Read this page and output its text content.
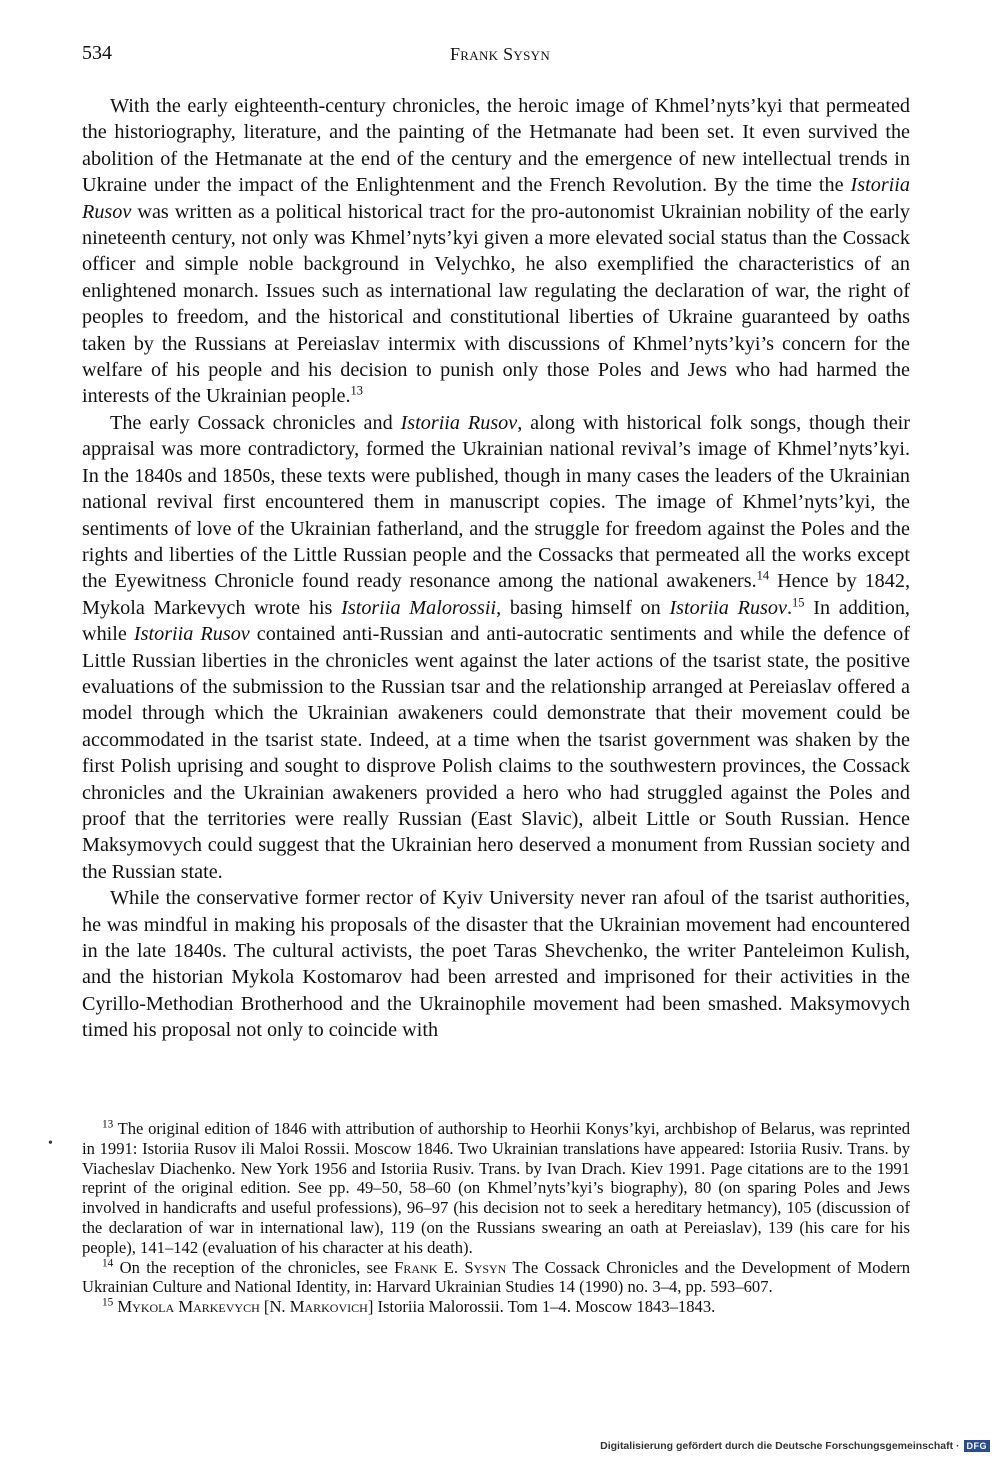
534	Frank Sysyn

With the early eighteenth-century chronicles, the heroic image of Khmel’nyts’kyi that permeated the historiography, literature, and the painting of the Hetmanate had been set. It even survived the abolition of the Hetmanate at the end of the century and the emergence of new intellectual trends in Ukraine under the impact of the Enlightenment and the French Revolution. By the time the Istoriia Rusov was written as a political historical tract for the pro-autonomist Ukrainian nobility of the early nineteenth century, not only was Khmel’nyts’kyi given a more elevated social status than the Cossack officer and simple noble background in Velychko, he also exemplified the characteristics of an enlightened monarch. Issues such as international law regulating the declaration of war, the right of peoples to freedom, and the historical and constitutional liberties of Ukraine guaranteed by oaths taken by the Russians at Pereiaslav intermix with discussions of Khmel’nyts’kyi’s concern for the welfare of his people and his decision to punish only those Poles and Jews who had harmed the interests of the Ukrainian people.$^{13}$

The early Cossack chronicles and Istoriia Rusov, along with historical folk songs, though their appraisal was more contradictory, formed the Ukrainian national revival’s image of Khmel’nyts’kyi. In the 1840s and 1850s, these texts were published, though in many cases the leaders of the Ukrainian national revival first encountered them in manuscript copies. The image of Khmel’nyts’kyi, the sentiments of love of the Ukrainian fatherland, and the struggle for freedom against the Poles and the rights and liberties of the Little Russian people and the Cossacks that permeated all the works except the Eyewitness Chronicle found ready resonance among the national awakeners.$^{14}$ Hence by 1842, Mykola Markevych wrote his Istoriia Malorossii, basing himself on Istoriia Rusov.$^{15}$ In addition, while Istoriia Rusov contained anti-Russian and anti-autocratic sentiments and while the defence of Little Russian liberties in the chronicles went against the later actions of the tsarist state, the positive evaluations of the submission to the Russian tsar and the relationship arranged at Pereiaslav offered a model through which the Ukrainian awakeners could demonstrate that their movement could be accommodated in the tsarist state. Indeed, at a time when the tsarist government was shaken by the first Polish uprising and sought to disprove Polish claims to the southwestern provinces, the Cossack chronicles and the Ukrainian awakeners provided a hero who had struggled against the Poles and proof that the territories were really Russian (East Slavic), albeit Little or South Russian. Hence Maksymovych could suggest that the Ukrainian hero deserved a monument from Russian society and the Russian state.

While the conservative former rector of Kyiv University never ran afoul of the tsarist authorities, he was mindful in making his proposals of the disaster that the Ukrainian movement had encountered in the late 1840s. The cultural activists, the poet Taras Shevchenko, the writer Panteleimon Kulish, and the historian Mykola Kostomarov had been arrested and imprisoned for their activities in the Cyrillo-Methodian Brotherhood and the Ukrainophile movement had been smashed. Maksymovych timed his proposal not only to coincide with

•

$^{13}$ The original edition of 1846 with attribution of authorship to Heorhii Konys’kyi, archbishop of Belarus, was reprinted in 1991: Istoriia Rusov ili Maloi Rossii. Moscow 1846. Two Ukrainian translations have appeared: Istoriia Rusiv. Trans. by Viacheslav Diachenko. New York 1956 and Istoriia Rusiv. Trans. by Ivan Drach. Kiev 1991. Page citations are to the 1991 reprint of the original edition. See pp. 49–50, 58–60 (on Khmel’nyts’kyi’s biography), 80 (on sparing Poles and Jews involved in handicrafts and useful professions), 96–97 (his decision not to seek a hereditary hetmancy), 105 (discussion of the declaration of war in international law), 119 (on the Russians swearing an oath at Pereiaslav), 139 (his care for his people), 141–142 (evaluation of his character at his death).

$^{14}$ On the reception of the chronicles, see Frank E. Sysyn The Cossack Chronicles and the Development of Modern Ukrainian Culture and National Identity, in: Harvard Ukrainian Studies 14 (1990) no. 3–4, pp. 593–607.

$^{15}$ Mykola Markevych [N. Markovich] Istoriia Malorossii. Tom 1–4. Moscow 1843–1843.

Digitalisierung gefördert durch die Deutsche Forschungsgemeinschaft · DFG
